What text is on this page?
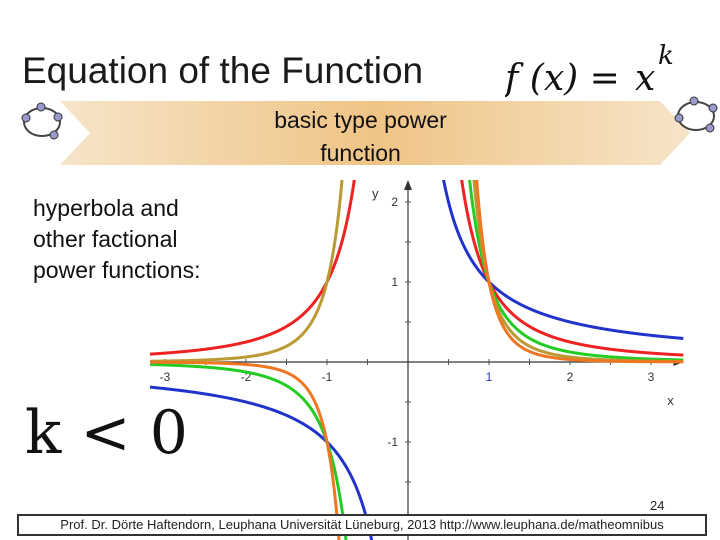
Equation of the Function f (x) = x
k
basic type power
function
hyperbola and
other factional
power functions:
k < 0
-3	-2	-1	1	2	3
-1
1
2
x
y
24
Prof. Dr. Dörte Haftendorn, Leuphana Universität Lüneburg, 2013 http://www.leuphana.de/matheomnibus
